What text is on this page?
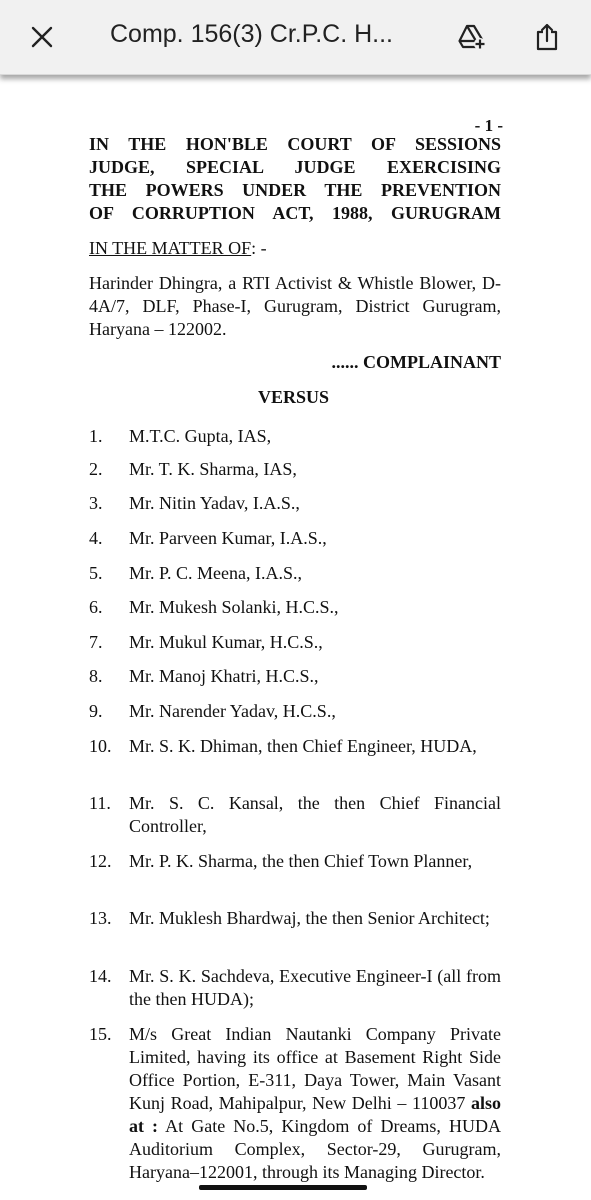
Comp. 156(3) Cr.P.C. H...
- 1 -
IN THE HON'BLE COURT OF SESSIONS
JUDGE, SPECIAL JUDGE EXERCISING
THE POWERS UNDER THE PREVENTION
OF CORRUPTION ACT, 1988, GURUGRAM
IN THE MATTER OF: -
Harinder Dhingra, a RTI Activist & Whistle Blower, D-4A/7, DLF, Phase-I, Gurugram, District Gurugram, Haryana – 122002.
...... COMPLAINANT
VERSUS
1. M.T.C. Gupta, IAS,
2. Mr. T. K. Sharma, IAS,
3. Mr. Nitin Yadav, I.A.S.,
4. Mr. Parveen Kumar, I.A.S.,
5. Mr. P. C. Meena, I.A.S.,
6. Mr. Mukesh Solanki, H.C.S.,
7. Mr. Mukul Kumar, H.C.S.,
8. Mr. Manoj Khatri, H.C.S.,
9. Mr. Narender Yadav, H.C.S.,
10. Mr. S. K. Dhiman, then Chief Engineer, HUDA,
11. Mr. S. C. Kansal, the then Chief Financial Controller,
12. Mr. P. K. Sharma, the then Chief Town Planner,
13. Mr. Muklesh Bhardwaj, the then Senior Architect;
14. Mr. S. K. Sachdeva, Executive Engineer-I (all from the then HUDA);
15. M/s Great Indian Nautanki Company Private Limited, having its office at Basement Right Side Office Portion, E-311, Daya Tower, Main Vasant Kunj Road, Mahipalpur, New Delhi – 110037 also at : At Gate No.5, Kingdom of Dreams, HUDA Auditorium Complex, Sector-29, Gurugram, Haryana–122001, through its Managing Director.
